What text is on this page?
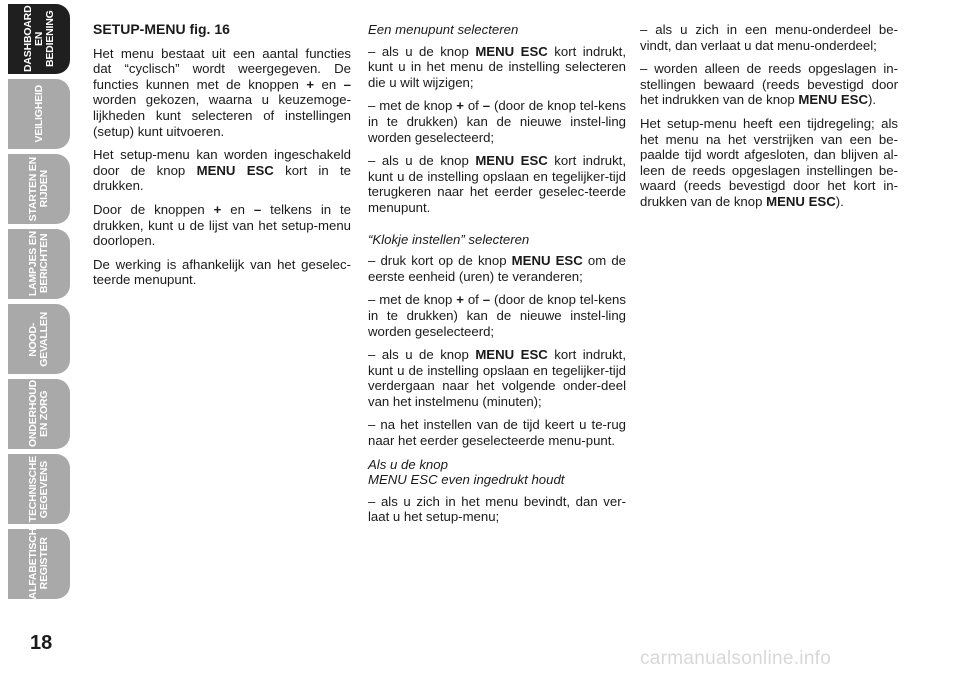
DASHBOARD
EN BEDIENING
VEILIGHEID
STARTEN EN
RIJDEN
LAMPJES EN
BERICHTEN
NOOD-
GEVALLEN
ONDERHOUD
EN ZORG
TECHNISCHE
GEGEVENS
ALFABETISCH
REGISTER
18

SETUP-MENU fig. 16

Het menu bestaat uit een aantal functies dat “cyclisch” wordt weergegeven. De functies kunnen met de knoppen + en – worden gekozen, waarna u keuzemoge-lijkheden kunt selecteren of instellingen (setup) kunt uitvoeren.

Het setup-menu kan worden ingeschakeld door de knop MENU ESC kort in te drukken.

Door de knoppen + en – telkens in te drukken, kunt u de lijst van het setup-menu doorlopen.

De werking is afhankelijk van het geselec-teerde menupunt.

Een menupunt selecteren

– als u de knop MENU ESC kort indrukt, kunt u in het menu de instelling selecteren die u wilt wijzigen;

– met de knop + of – (door de knop tel-kens in te drukken) kan de nieuwe instel-ling worden geselecteerd;

– als u de knop MENU ESC kort indrukt, kunt u de instelling opslaan en tegelijker-tijd terugkeren naar het eerder geselec-teerde menupunt.

“Klokje instellen” selecteren

– druk kort op de knop MENU ESC om de eerste eenheid (uren) te veranderen;

– met de knop + of – (door de knop tel-kens in te drukken) kan de nieuwe instel-ling worden geselecteerd;

– als u de knop MENU ESC kort indrukt, kunt u de instelling opslaan en tegelijker-tijd verdergaan naar het volgende onder-deel van het instelmenu (minuten);

– na het instellen van de tijd keert u te-rug naar het eerder geselecteerde menu-punt.

Als u de knop
MENU ESC even ingedrukt houdt

– als u zich in het menu bevindt, dan ver-laat u het setup-menu;

– als u zich in een menu-onderdeel be-vindt, dan verlaat u dat menu-onderdeel;

– worden alleen de reeds opgeslagen in-stellingen bewaard (reeds bevestigd door het indrukken van de knop MENU ESC).

Het setup-menu heeft een tijdregeling; als het menu na het verstrijken van een be-paalde tijd wordt afgesloten, dan blijven al-leen de reeds opgeslagen instellingen be-waard (reeds bevestigd door het kort in-drukken van de knop MENU ESC).

carmanualsonline.info
